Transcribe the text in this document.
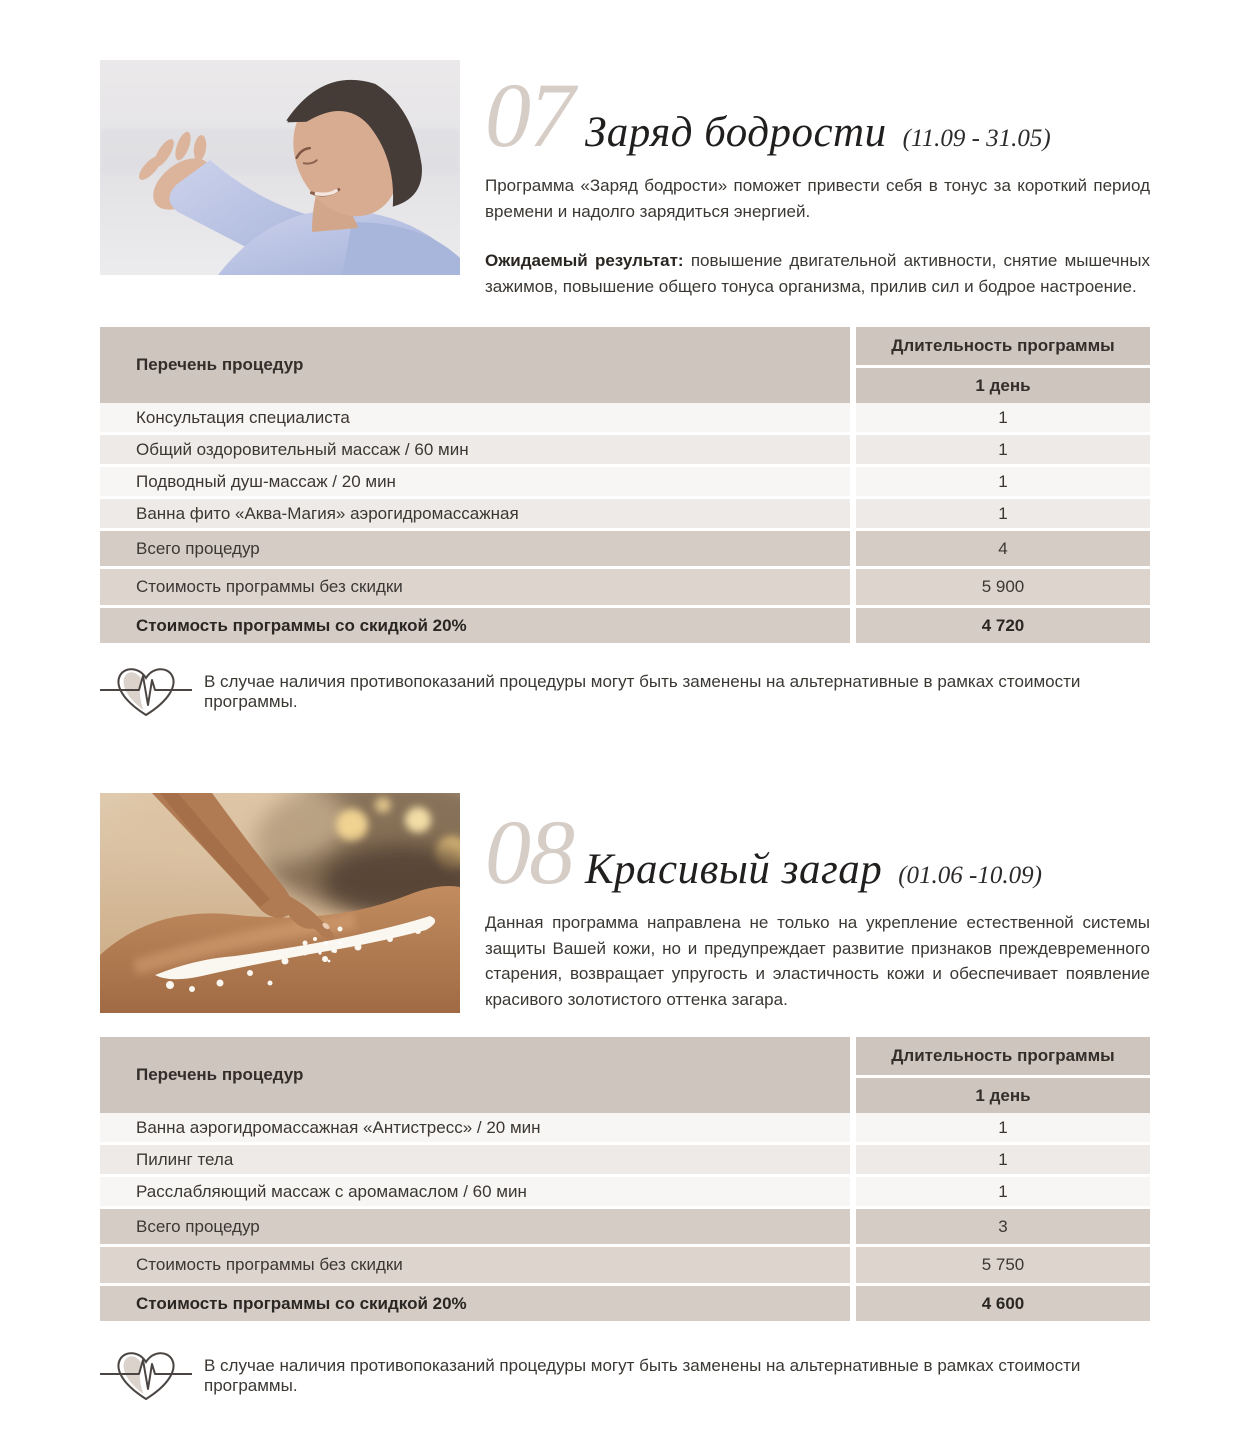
07 Заряд бодрости (11.09 - 31.05)

Программа «Заряд бодрости» поможет привести себя в тонус за короткий период времени и надолго зарядиться энергией.

Ожидаемый результат: повышение двигательной активности, снятие мышечных зажимов, повышение общего тонуса организма, прилив сил и бодрое настроение.

Перечень процедур	Длительность программы
	1 день
Консультация специалиста	1
Общий оздоровительный массаж / 60 мин	1
Подводный душ-массаж / 20 мин	1
Ванна фито «Аква-Магия» аэрогидромассажная	1
Всего процедур	4
Стоимость программы без скидки	5 900
Стоимость программы со скидкой 20%	4 720
В случае наличия противопоказаний процедуры могут быть заменены на альтернативные в рамках стоимости программы.
08 Красивый загар (01.06 -10.09)

Данная программа направлена не только на укрепление естественной системы защиты Вашей кожи, но и предупреждает развитие признаков преждевременного старения, возвращает упругость и эластичность кожи и обеспечивает появление красивого золотистого оттенка загара.

Перечень процедур	Длительность программы
	1 день
Ванна аэрогидромассажная «Антистресс» / 20 мин	1
Пилинг тела	1
Расслабляющий массаж с аромамаслом / 60 мин	1
Всего процедур	3
Стоимость программы без скидки	5 750
Стоимость программы со скидкой 20%	4 600
В случае наличия противопоказаний процедуры могут быть заменены на альтернативные в рамках стоимости программы.
